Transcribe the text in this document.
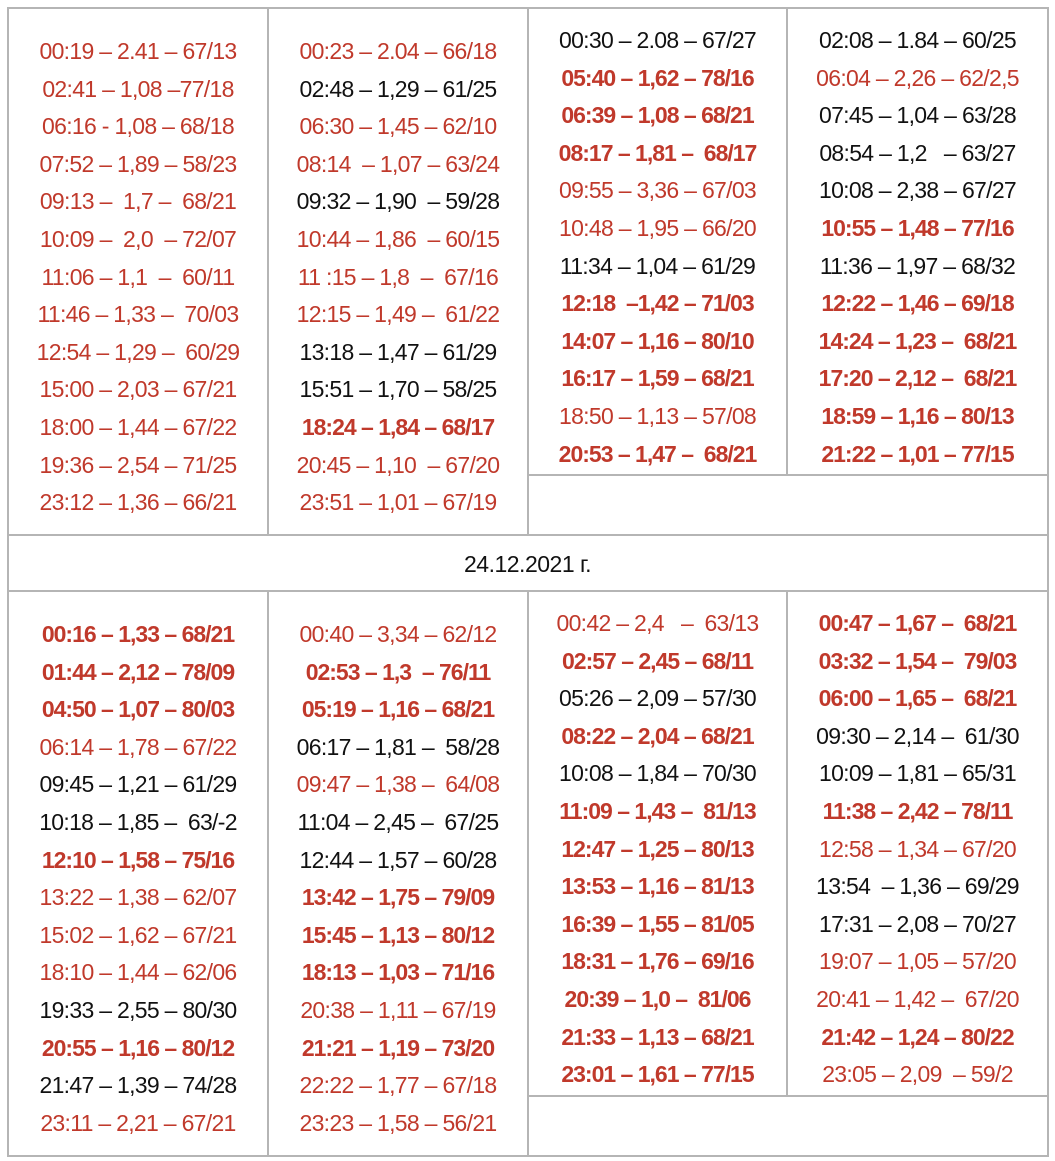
00:19 – 2.41 – 67/13
02:41 – 1,08 –77/18
06:16 - 1,08 – 68/18
07:52 – 1,89 – 58/23
09:13 –  1,7 –  68/21
10:09 –  2,0  – 72/07
11:06 – 1,1  –  60/11
11:46 – 1,33 –  70/03
12:54 – 1,29 –  60/29
15:00 – 2,03 – 67/21
18:00 – 1,44 – 67/22
19:36 – 2,54 – 71/25
23:12 – 1,36 – 66/21
00:23 – 2.04 – 66/18
02:48 – 1,29 – 61/25
06:30 – 1,45 – 62/10
08:14  – 1,07 – 63/24
09:32 – 1,90  – 59/28
10:44 – 1,86  – 60/15
11 :15 – 1,8  –  67/16
12:15 – 1,49 –  61/22
13:18 – 1,47 – 61/29
15:51 – 1,70 – 58/25
18:24 – 1,84 – 68/17
20:45 – 1,10  – 67/20
23:51 – 1,01 – 67/19
00:30 – 2.08 – 67/27
05:40 – 1,62 – 78/16
06:39 – 1,08 – 68/21
08:17 – 1,81 –  68/17
09:55 – 3,36 – 67/03
10:48 – 1,95 – 66/20
11:34 – 1,04 – 61/29
12:18  –1,42 – 71/03
14:07 – 1,16 – 80/10
16:17 – 1,59 – 68/21
18:50 – 1,13 – 57/08
20:53 – 1,47 –  68/21
02:08 – 1.84 – 60/25
06:04 – 2,26 – 62/2,5
07:45 – 1,04 – 63/28
08:54 – 1,2   – 63/27
10:08 – 2,38 – 67/27
10:55 – 1,48 – 77/16
11:36 – 1,97 – 68/32
12:22 – 1,46 – 69/18
14:24 – 1,23 –  68/21
17:20 – 2,12 –  68/21
18:59 – 1,16 – 80/13
21:22 – 1,01 – 77/15
24.12.2021 г.
00:16 – 1,33 – 68/21
01:44 – 2,12 – 78/09
04:50 – 1,07 – 80/03
06:14 – 1,78 – 67/22
09:45 – 1,21 – 61/29
10:18 – 1,85 –  63/-2
12:10 – 1,58 – 75/16
13:22 – 1,38 – 62/07
15:02 – 1,62 – 67/21
18:10 – 1,44 – 62/06
19:33 – 2,55 – 80/30
20:55 – 1,16 – 80/12
21:47 – 1,39 – 74/28
23:11 – 2,21 – 67/21
00:40 – 3,34 – 62/12
02:53 – 1,3  – 76/11
05:19 – 1,16 – 68/21
06:17 – 1,81 –  58/28
09:47 – 1,38 –  64/08
11:04 – 2,45 –  67/25
12:44 – 1,57 – 60/28
13:42 – 1,75 – 79/09
15:45 – 1,13 – 80/12
18:13 – 1,03 – 71/16
20:38 – 1,11 – 67/19
21:21 – 1,19 – 73/20
22:22 – 1,77 – 67/18
23:23 – 1,58 – 56/21
00:42 – 2,4   –  63/13
02:57 – 2,45 – 68/11
05:26 – 2,09 – 57/30
08:22 – 2,04 – 68/21
10:08 – 1,84 – 70/30
11:09 – 1,43 –  81/13
12:47 – 1,25 – 80/13
13:53 – 1,16 – 81/13
16:39 – 1,55 – 81/05
18:31 – 1,76 – 69/16
20:39 – 1,0 –  81/06
21:33 – 1,13 – 68/21
23:01 – 1,61 – 77/15
00:47 – 1,67 –  68/21
03:32 – 1,54 –  79/03
06:00 – 1,65 –  68/21
09:30 – 2,14 –  61/30
10:09 – 1,81 – 65/31
11:38 – 2,42 – 78/11
12:58 – 1,34 – 67/20
13:54  – 1,36 – 69/29
17:31 – 2,08 – 70/27
19:07 – 1,05 – 57/20
20:41 – 1,42 –  67/20
21:42 – 1,24 – 80/22
23:05 – 2,09  – 59/2
